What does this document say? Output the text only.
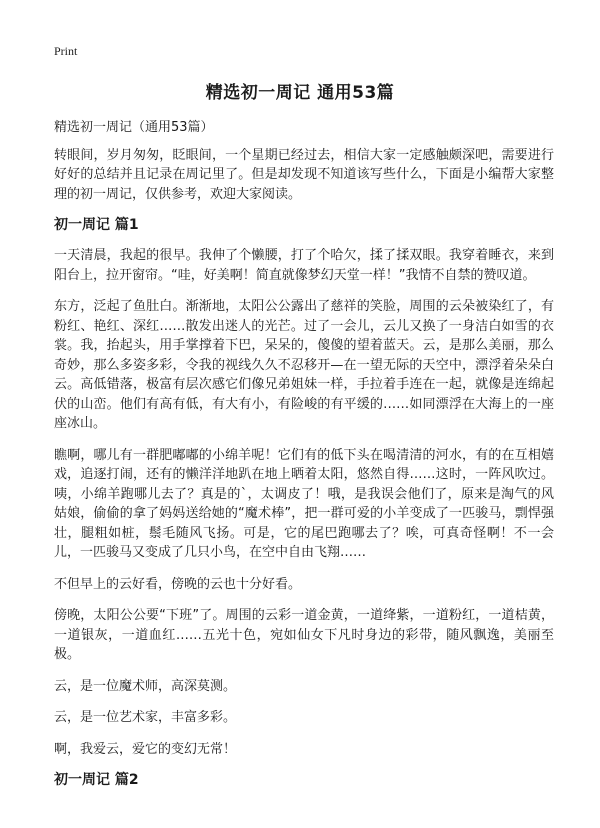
Print
精选初一周记 通用53篇

精选初一周记（通用53篇）

转眼间，岁月匆匆，眨眼间，一个星期已经过去，相信大家一定感触颇深吧，需要进行好好的总结并且记录在周记里了。但是却发现不知道该写些什么，下面是小编帮大家整理的初一周记，仅供参考，欢迎大家阅读。

初一周记 篇1

一天清晨，我起的很早。我伸了个懒腰，打了个哈欠，揉了揉双眼。我穿着睡衣，来到阳台上，拉开窗帘。“哇，好美啊！简直就像梦幻天堂一样！”我情不自禁的赞叹道。

东方，泛起了鱼肚白。渐渐地，太阳公公露出了慈祥的笑脸，周围的云朵被染红了，有粉红、艳红、深红……散发出迷人的光芒。过了一会儿，云儿又换了一身洁白如雪的衣裳。我，抬起头，用手掌撑着下巴，呆呆的，傻傻的望着蓝天。云，是那么美丽，那么奇妙，那么多姿多彩，令我的视线久久不忍移开—在一望无际的天空中，漂浮着朵朵白云。高低错落，极富有层次感它们像兄弟姐妹一样，手拉着手连在一起，就像是连绵起伏的山峦。他们有高有低，有大有小，有险峻的有平缓的……如同漂浮在大海上的一座座冰山。

瞧啊，哪儿有一群肥嘟嘟的小绵羊呢！它们有的低下头在喝清清的河水，有的在互相嬉戏，追逐打闹，还有的懒洋洋地趴在地上晒着太阳，悠然自得……这时，一阵风吹过。咦，小绵羊跑哪儿去了？真是的`，太调皮了！哦，是我误会他们了，原来是淘气的风姑娘，偷偷的拿了妈妈送给她的“魔术棒”，把一群可爱的小羊变成了一匹骏马，剽悍强壮，腿粗如桩，鬃毛随风飞扬。可是，它的尾巴跑哪去了？唉，可真奇怪啊！不一会儿，一匹骏马又变成了几只小鸟，在空中自由飞翔……

不但早上的云好看，傍晚的云也十分好看。

傍晚，太阳公公要“下班”了。周围的云彩一道金黄，一道绛紫，一道粉红，一道桔黄，一道银灰，一道血红……五光十色，宛如仙女下凡时身边的彩带，随风飘逸，美丽至极。

云，是一位魔术师，高深莫测。

云，是一位艺术家，丰富多彩。

啊，我爱云，爱它的变幻无常！

初一周记 篇2
